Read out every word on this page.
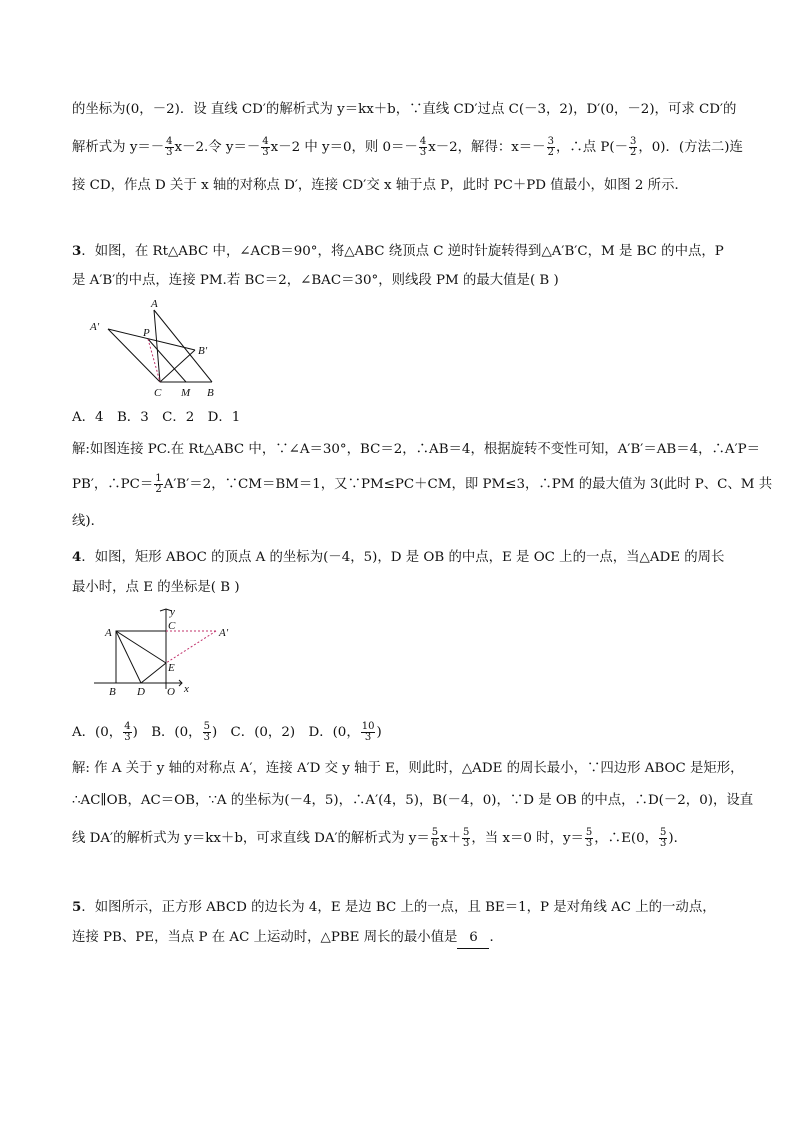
的坐标为(0，－2)．设 直线 CD′的解析式为 y＝kx＋b，∵直线 CD′过点 C(－3，2)，D′(0，－2)，可求 CD′的
解析式为 $y=- \frac{4}{3} x-2$.令 $y=- \frac{4}{3} x-2$ 中 y＝0，则 $0=- \frac{4}{3} x-2$，解得：$x=- \frac{3}{2}$ ，∴点 $P(- \frac{3}{2}$ ，0)．(方法二)连
接 CD，作点 D 关于 x 轴的对称点 D′，连接 CD′交 x 轴于点 P，此时 PC＋PD 值最小，如图 2 所示．
3．如图，在 Rt△ABC 中，∠ACB＝90°，将△ABC 绕顶点 C 逆时针旋转得到△A′B′C，M 是 BC 的中点，P
是 A′B′的中点，连接 PM.若 BC＝2，∠BAC＝30°，则线段 PM 的最大值是( B )
A
A′	P
B′
C M B
A．4　B．3　C．2　D．1
解:如图连接 PC.在 Rt△ABC 中，∵∠A＝30°，BC＝2，∴AB＝4，根据旋转不变性可知，A′B′＝AB＝4，∴A′P＝
PB′，∴PC＝ $\frac{1}{2} A'B'=2$，∵CM＝BM＝1，又∵PM≤PC＋CM，即 PM≤3，∴PM 的最大值为 3(此时 P、C、M 共
线)．
4．如图，矩形 ABOC 的顶点 A 的坐标为(－4，5)，D 是 OB 的中点，E 是 OC 上的一点，当△ADE 的周长
最小时，点 E 的坐标是( B )
y
x
A
C
A′
E
B D O
A．(0， $\frac{4}{3}$ )　B．(0， $\frac{5}{3}$ )　C．(0，2)　D．(0， $\frac{10}{3}$ )
解: 作 A 关于 y 轴的对称点 A′，连接 A′D 交 y 轴于 E，则此时，△ADE 的周长最小，∵四边形 ABOC 是矩形，
∴AC∥OB，AC＝OB，∵A 的坐标为(－4，5)，∴A′(4，5)，B(－4，0)，∵D 是 OB 的中点，∴D(－2，0)，设直
线 DA′的解析式为 y＝kx＋b，可求直线 DA′的解析式为 $y= \frac{5}{6} x+ \frac{5}{3}$ ，当 x＝0 时，$y= \frac{5}{3}$ ，∴E(0， $\frac{5}{3}$ )．
5．如图所示，正方形 ABCD 的边长为 4，E 是边 BC 上的一点，且 BE＝1，P 是对角线 AC 上的一动点，
连接 PB、PE，当点 P 在 AC 上运动时，△PBE 周长的最小值是 6 ．
